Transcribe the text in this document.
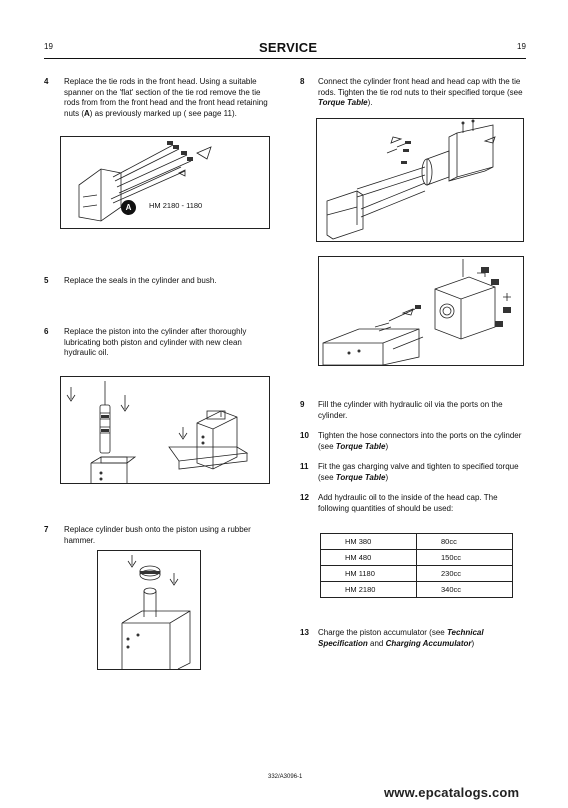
19	SERVICE	19
4 Replace the tie rods in the front head. Using a suitable spanner on the 'flat' section of the tie rod remove the tie rods from from the front head and the front head retaining nuts (A) as previously marked up ( see page 11).
A	HM 2180 - 1180
5 Replace the seals in the cylinder and bush.
6 Replace the piston into the cylinder after thoroughly lubricating both piston and cylinder with new clean hydraulic oil.
7 Replace cylinder bush onto the piston using a rubber hammer.
8 Connect the cylinder front head and head cap with the tie rods. Tighten the tie rod nuts to their specified torque (see Torque Table).
9 Fill the cylinder with hydraulic oil via the ports on the cylinder.
10 Tighten the hose connectors into the ports on the cylinder (see Torque Table)
11 Fit the gas charging valve and tighten to specified torque (see Torque Table)
12 Add hydraulic oil to the inside of the head cap. The following quantities of should be used:
HM 380	80cc
HM 480	150cc
HM 1180	230cc
HM 2180	340cc
13 Charge the piston accumulator (see Technical Specification and Charging Accumulator)
332/A3096-1
www.epcatalogs.com
